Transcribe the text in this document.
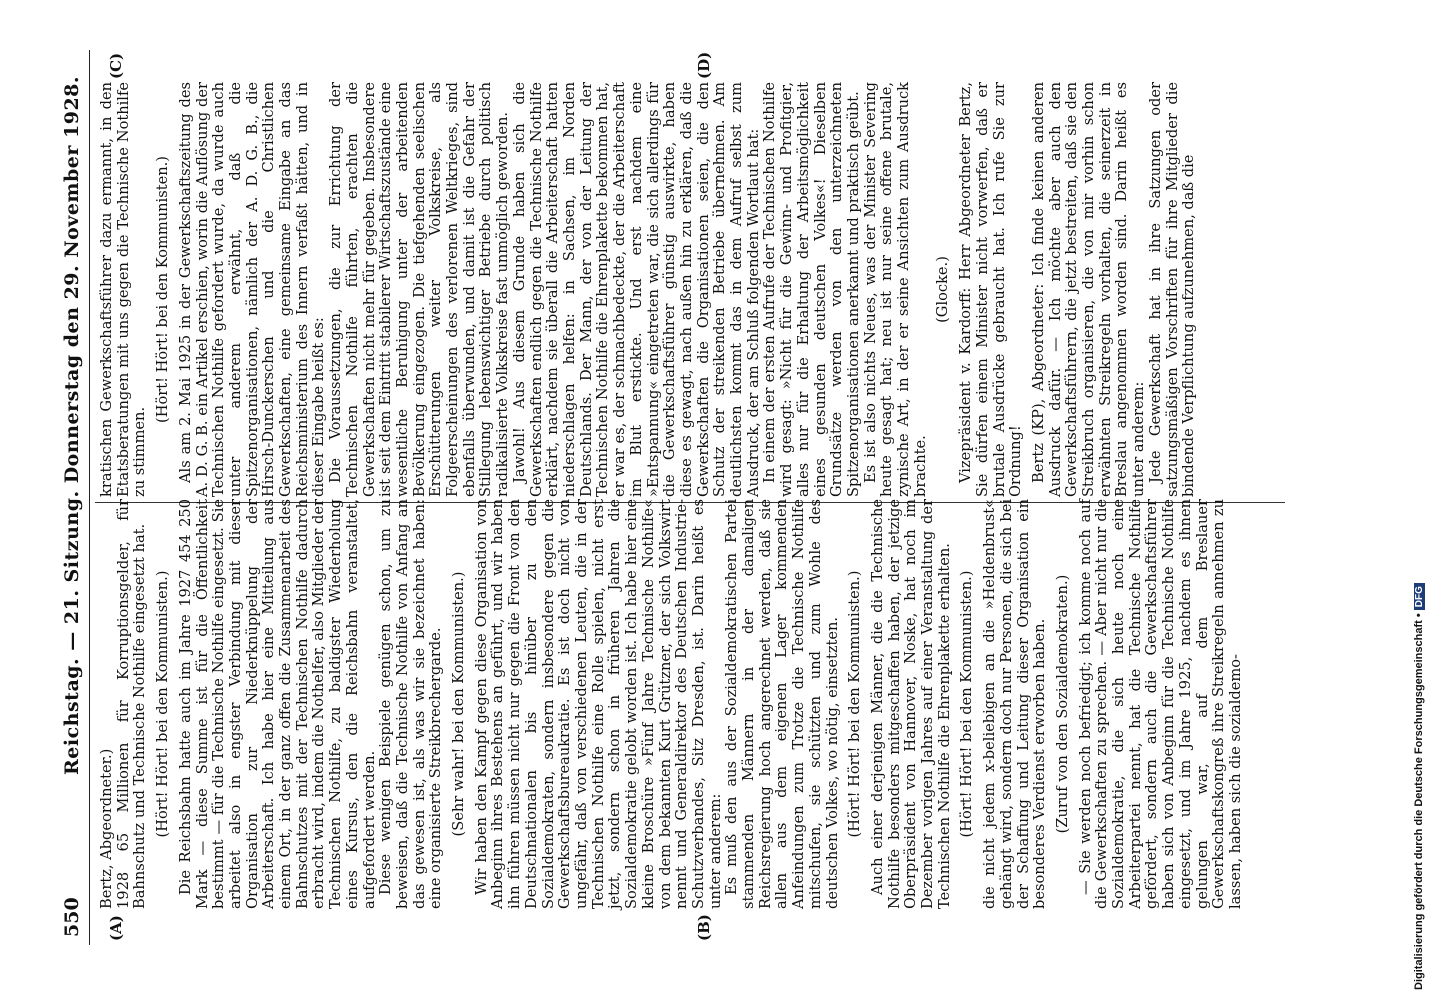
550
Reichstag. — 21. Sitzung. Donnerstag den 29. November 1928.
(A)	(B)
(C)	(D)

Bertz, Abgeordneter.) 1928 65 Millionen für Korruptionsgelder, für Bahnschutz und Technische Nothilfe eingesetzt hat. (Hört! Hört! bei den Kommunisten.) Die Reichsbahn hatte auch im Jahre 1927 454 250 Mark — diese Summe ist für die Öffentlichkeit bestimmt — für die Technische Nothilfe eingesetzt. Sie arbeitet also in engster Verbindung mit dieser Organisation zur Niederknüppelung der Arbeiterschaft. Ich habe hier eine Mitteilung aus einem Ort, in der ganz offen die Zusammenarbeit des Bahnschutzes mit der Technischen Nothilfe dadurch erbracht wird, indem die Nothelfer, also Mitglieder der Technischen Nothilfe, zu baldigster Wiederholung eines Kursus, den die Reichsbahn veranstaltet, aufgefordert werden. Diese wenigen Beispiele genügen schon, um zu beweisen, daß die Technische Nothilfe von Anfang an das gewesen ist, als was wir sie bezeichnet haben: eine organisierte Streikbrechergarde. (Sehr wahr! bei den Kommunisten.) Wir haben den Kampf gegen diese Organisation von Anbeginn ihres Bestehens an geführt, und wir haben ihn führen müssen nicht nur gegen die Front von den Deutschnationalen bis hinüber zu den Sozialdemokraten, sondern insbesondere gegen die Gewerkschaftsbureaukratie. Es ist doch nicht von ungefähr, daß von verschiedenen Leuten, die in der Technischen Nothilfe eine Rolle spielen, nicht erst jetzt, sondern schon in früheren Jahren die Sozialdemokratie gelobt worden ist. Ich habe hier eine kleine Broschüre »Fünf Jahre Technische Nothilfe« von dem bekannten Kurt Grützner, der sich Volkswirt nennt und Generaldirektor des Deutschen Industrie-Schutzverbandes, Sitz Dresden, ist. Darin heißt es unter anderem: Es muß den aus der Sozialdemokratischen Partei stammenden Männern in der damaligen Reichsregierung hoch angerechnet werden, daß sie allen aus dem eigenen Lager kommenden Anfeindungen zum Trotze die Technische Nothilfe mitschufen, sie schützten und zum Wohle des deutschen Volkes, wo nötig, einsetzten. (Hört! Hört! bei den Kommunisten.) Auch einer derjenigen Männer, die die Technische Nothilfe besonders mitgeschaffen haben, der jetzige Oberpräsident von Hannover, Noske, hat noch im Dezember vorigen Jahres auf einer Veranstaltung der Technischen Nothilfe die Ehrenplakette erhalten. (Hört! Hört! bei den Kommunisten.) die nicht jedem x-beliebigen an die »Heldenbrust« gehängt wird, sondern doch nur Personen, die sich bei der Schaffung und Leitung dieser Organisation ein besonderes Verdienst erworben haben. (Zuruf von den Sozialdemokraten.) — Sie werden noch befriedigt; ich komme noch auf die Gewerkschaften zu sprechen. — Aber nicht nur die Sozialdemokratie, die sich heute noch eine Arbeiterpartei nennt, hat die Technische Nothilfe gefördert, sondern auch die Gewerkschaftsführer haben sich von Anbeginn für die Technische Nothilfe eingesetzt, und im Jahre 1925, nachdem es ihnen gelungen war, auf dem Breslauer Gewerkschaftskongreß ihre Streikregeln annehmen zu lassen, haben sich die sozialdemo-

kratischen Gewerkschaftsführer dazu ermannt, in den Etatsberatungen mit uns gegen die Technische Nothilfe zu stimmen.

(Hört! Hört! bei den Kommunisten.) Als am 2. Mai 1925 in der Gewerkschaftszeitung des A. D. G. B. ein Artikel erschien, worin die Auflösung der Technischen Nothilfe gefordert wurde, da wurde auch unter anderem erwähnt, daß die Spitzenorganisationen, nämlich der A. D. G. B., die Hirsch-Dunckerschen und die Christlichen Gewerkschaften, eine gemeinsame Eingabe an das Reichsministerium des Innern verfaßt hätten, und in dieser Eingabe heißt es: Die Voraussetzungen, die zur Errichtung der Technischen Nothilfe führten, erachten die Gewerkschaften nicht mehr für gegeben. Insbesondere ist seit dem Eintritt stabilerer Wirtschaftszustände eine wesentliche Beruhigung unter der arbeitenden Bevölkerung eingezogen. Die tiefgehenden seelischen Erschütterungen weiter Volkskreise, als Folgeerscheinungen des verlorenen Weltkrieges, sind ebenfalls überwunden, und damit ist die Gefahr der Stillegung lebenswichtiger Betriebe durch politisch radikalisierte Volkskreise fast unmöglich geworden. Jawohl! Aus diesem Grunde haben sich die Gewerkschaften endlich gegen die Technische Nothilfe erklärt, nachdem sie überall die Arbeiterschaft hatten niederschlagen helfen: in Sachsen, im Norden Deutschlands. Der Mann, der von der Leitung der Technischen Nothilfe die Ehrenplakette bekommen hat, er war es, der schmachbedeckte, der die Arbeiterschaft im Blut erstickte. Und erst nachdem eine »Entspannung« eingetreten war, die sich allerdings für die Gewerkschaftsführer günstig auswirkte, haben diese es gewagt, nach außen hin zu erklären, daß die Gewerkschaften die Organisationen seien, die den Schutz der streikenden Betriebe übernehmen. Am deutlichsten kommt das in dem Aufruf selbst zum Ausdruck, der am Schluß folgenden Wortlaut hat: In einem der ersten Aufrufe der Technischen Nothilfe wird gesagt: »Nicht für die Gewinn- und Profitgier, alles nur für die Erhaltung der Arbeitsmöglichkeit eines gesunden deutschen Volkes«! Dieselben Grundsätze werden von den unterzeichneten Spitzenorganisationen anerkannt und praktisch geübt. Es ist also nichts Neues, was der Minister Severing heute gesagt hat; neu ist nur seine offene brutale, zynische Art, in der er seine Ansichten zum Ausdruck brachte.

(Glocke.) Vizepräsident v. Kardorff: Herr Abgeordneter Bertz, Sie dürfen einem Minister nicht vorwerfen, daß er brutale Ausdrücke gebraucht hat. Ich rufe Sie zur Ordnung! Bertz (KP), Abgeordneter: Ich finde keinen anderen Ausdruck dafür. — Ich möchte aber auch den Gewerkschaftsführern, die jetzt bestreiten, daß sie den Streikbruch organisieren, die von mir vorhin schon erwähnten Streikregeln vorhalten, die seinerzeit in Breslau angenommen worden sind. Darin heißt es unter anderem: Jede Gewerkschaft hat in ihre Satzungen oder satzungsmäßigen Vorschriften für ihre Mitglieder die bindende Verpflichtung aufzunehmen, daß die

Digitalisierung gefördert durch die Deutsche Forschungsgemeinschaft • DFG
